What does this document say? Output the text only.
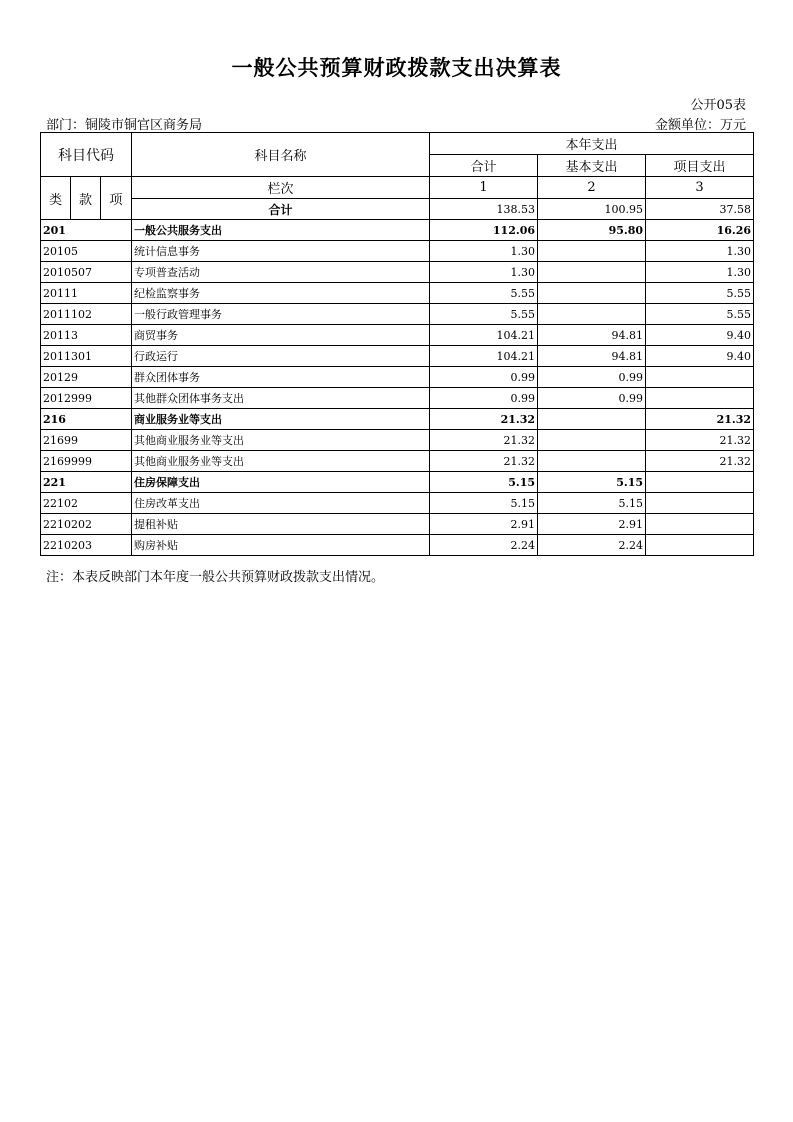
一般公共预算财政拨款支出决算表
公开05表
部门：铜陵市铜官区商务局	金额单位：万元
科目代码			科目名称	本年支出		
				合计	基本支出	项目支出
类	款	项	栏次	1	2	3
			合计	138.53	100.95	37.58
201			一般公共服务支出	112.06	95.80	16.26
20105			统计信息事务	1.30		1.30
2010507			专项普查活动	1.30		1.30
20111			纪检监察事务	5.55		5.55
2011102			一般行政管理事务	5.55		5.55
20113			商贸事务	104.21	94.81	9.40
2011301			行政运行	104.21	94.81	9.40
20129			群众团体事务	0.99	0.99	
2012999			其他群众团体事务支出	0.99	0.99	
216			商业服务业等支出	21.32		21.32
21699			其他商业服务业等支出	21.32		21.32
2169999			其他商业服务业等支出	21.32		21.32
221			住房保障支出	5.15	5.15	
22102			住房改革支出	5.15	5.15	
2210202			提租补贴	2.91	2.91	
2210203			购房补贴	2.24	2.24	
注：本表反映部门本年度一般公共预算财政拨款支出情况。
